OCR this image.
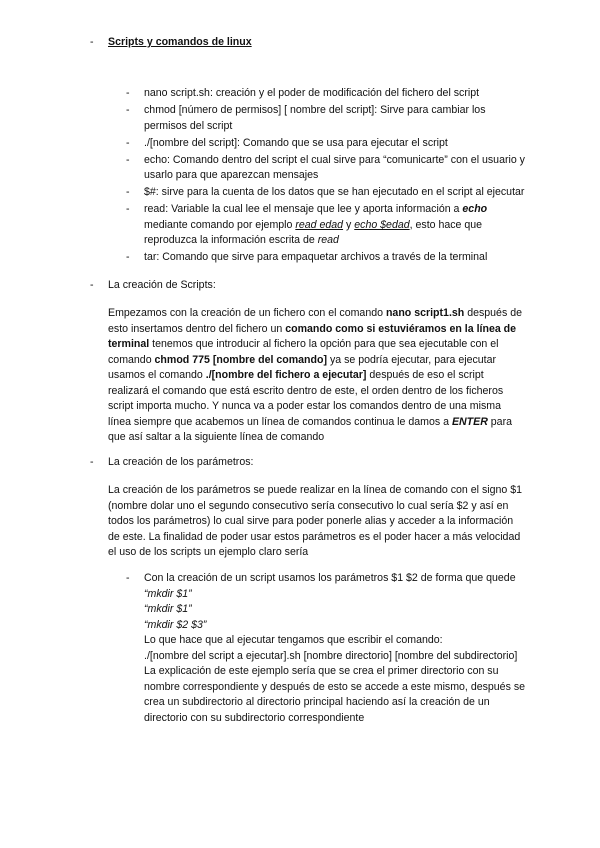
- Scripts y comandos de linux
- nano script.sh: creación y el poder de modificación del fichero del script
- chmod [número de permisos] [ nombre del script]: Sirve para cambiar los permisos del script
- ./[nombre del script]: Comando que se usa para ejecutar el script
- echo: Comando dentro del script el cual sirve para “comunicarte” con el usuario y usarlo para que aparezcan mensajes
- $#: sirve para la cuenta de los datos que se han ejecutado en el script al ejecutar
- read: Variable la cual lee el mensaje que lee y aporta información a echo mediante comando por ejemplo read edad y echo $edad, esto hace que reproduzca la información escrita de read
- tar: Comando que sirve para empaquetar archivos a través de la terminal
- La creación de Scripts:

Empezamos con la creación de un fichero con el comando nano script1.sh después de esto insertamos dentro del fichero un comando como si estuviéramos en la línea de terminal tenemos que introducir al fichero la opción para que sea ejecutable con el comando chmod 775 [nombre del comando] ya se podría ejecutar, para ejecutar usamos el comando ./[nombre del fichero a ejecutar] después de eso el script realizará el comando que está escrito dentro de este, el orden dentro de los ficheros script importa mucho. Y nunca va a poder estar los comandos dentro de una misma línea siempre que acabemos un línea de comandos continua le damos a ENTER para que así saltar a la siguiente línea de comando

- La creación de los parámetros:

La creación de los parámetros se puede realizar en la línea de comando con el signo $1 (nombre dolar uno el segundo consecutivo sería consecutivo lo cual sería $2 y así en todos los parámetros) lo cual sirve para poder ponerle alias y acceder a la información de este. La finalidad de poder usar estos parámetros es el poder hacer a más velocidad el uso de los scripts un ejemplo claro sería

- Con la creación de un script usamos los parámetros $1 $2 de forma que quede
“mkdir $1”
“mkdir $1”
“mkdir $2 $3”
Lo que hace que al ejecutar tengamos que escribir el comando:
./[nombre del script a ejecutar].sh [nombre directorio] [nombre del subdirectorio]
La explicación de este ejemplo sería que se crea el primer directorio con su nombre correspondiente y después de esto se accede a este mismo, después se crea un subdirectorio al directorio principal haciendo así la creación de un directorio con su subdirectorio correspondiente
